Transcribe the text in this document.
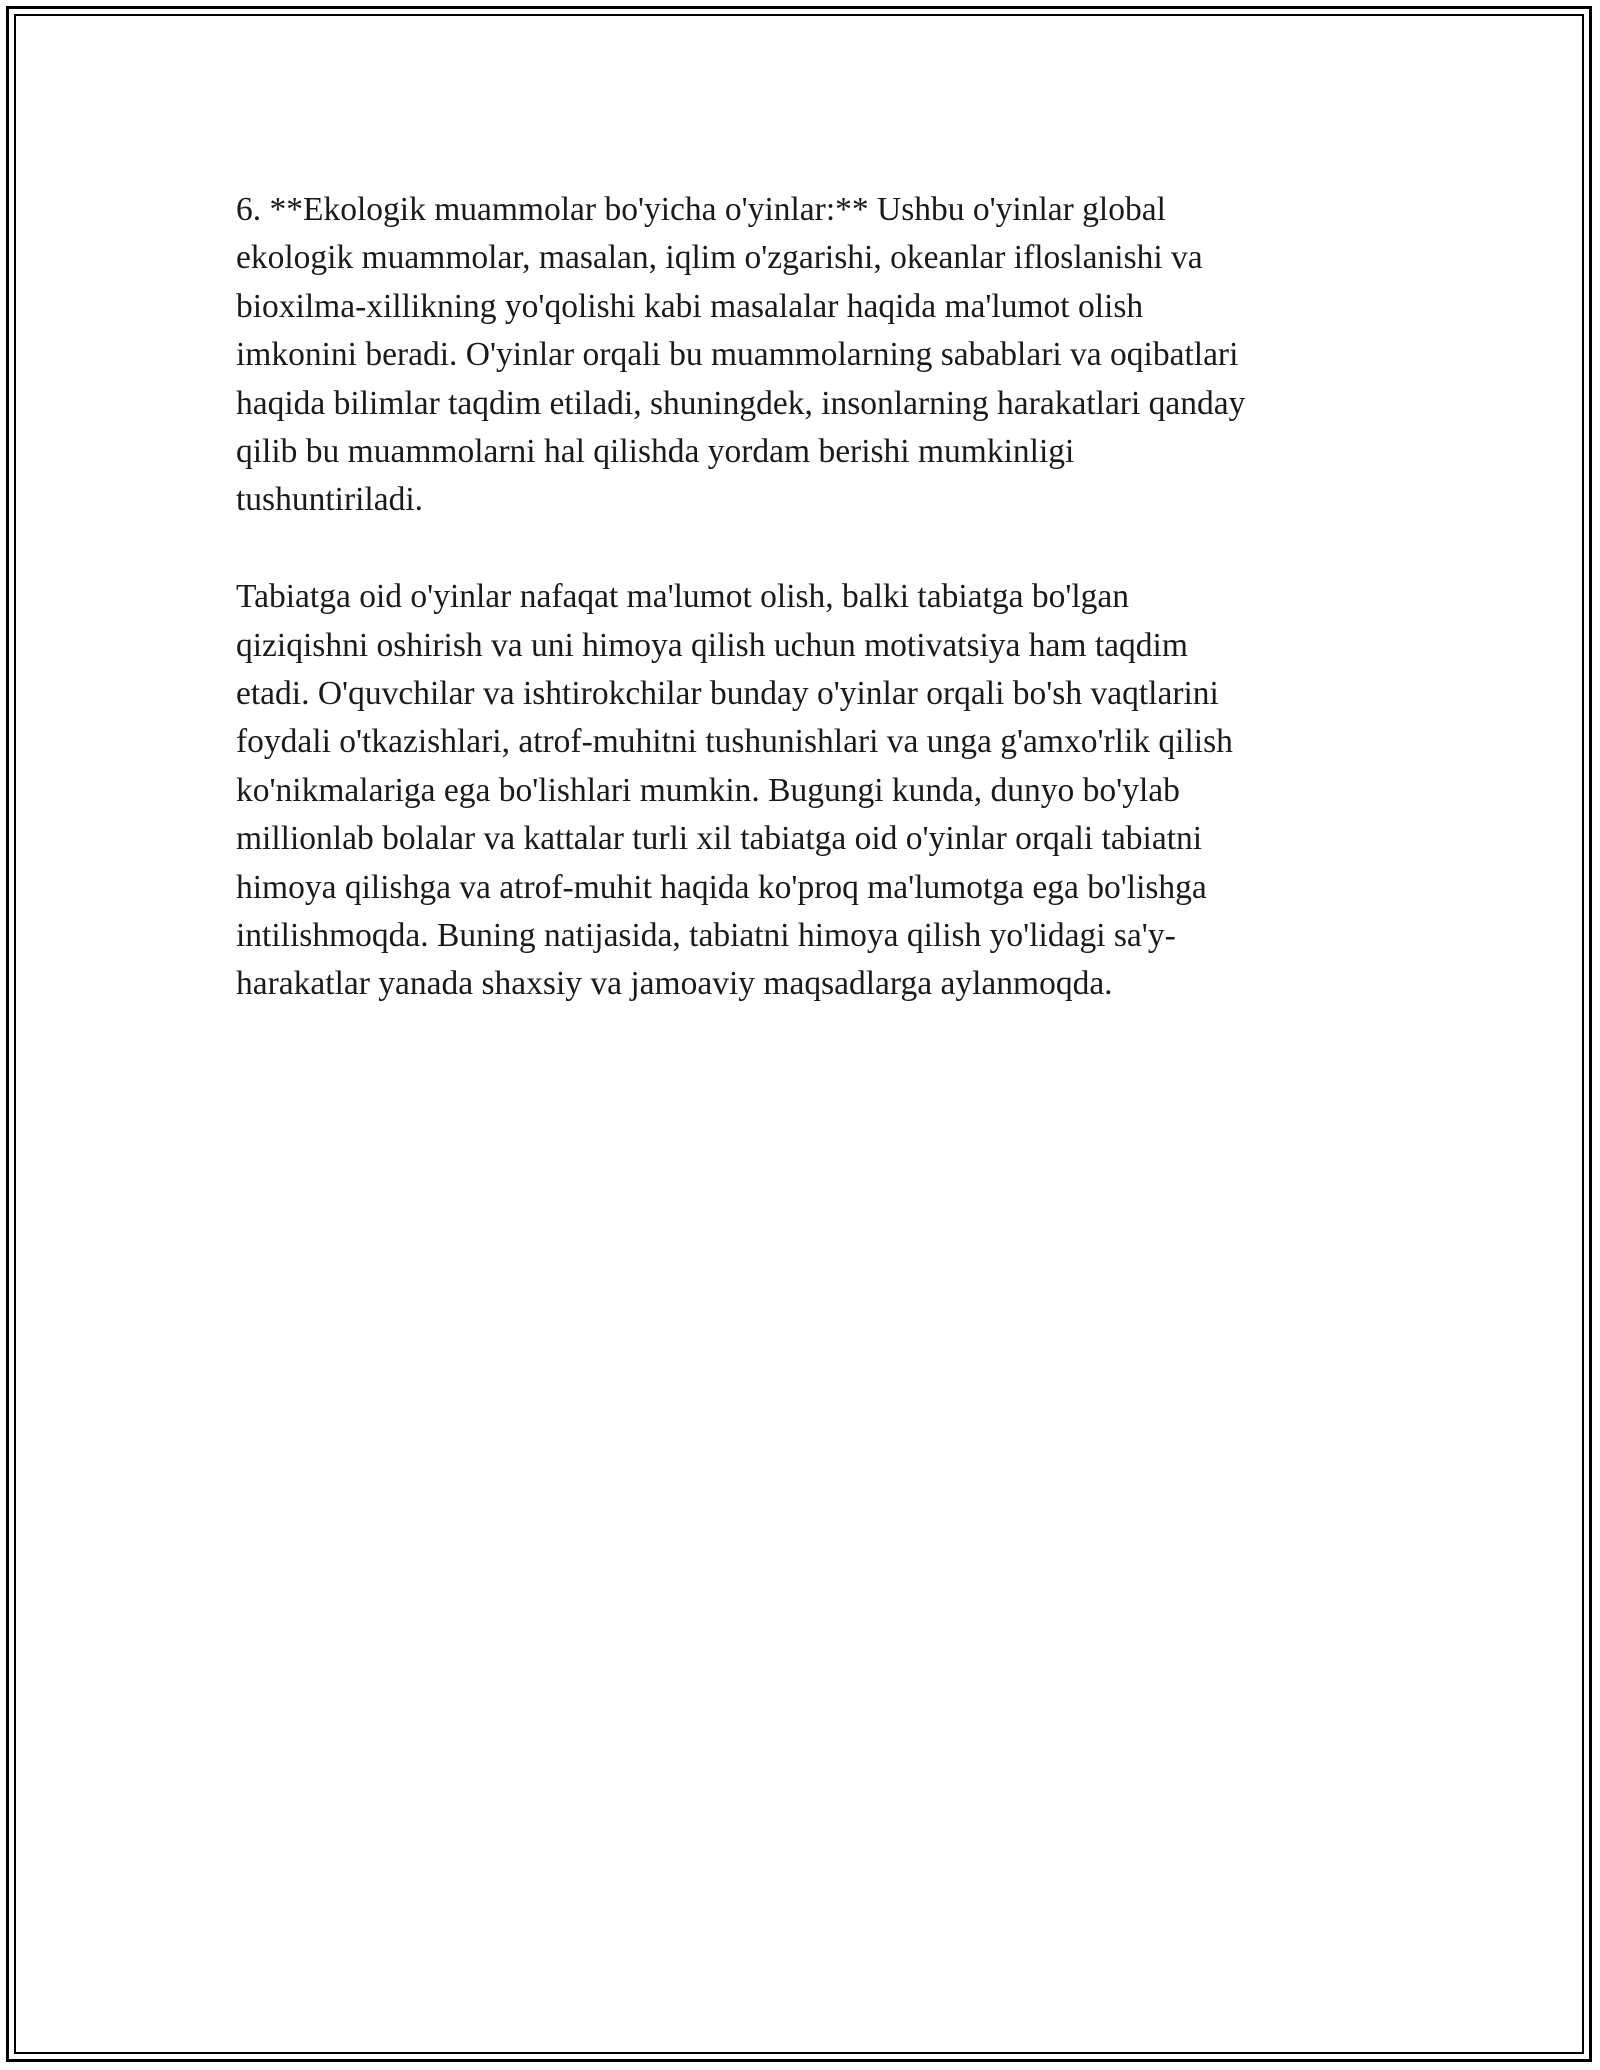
6. **Ekologik muammolar bo'yicha o'yinlar:** Ushbu o'yinlar global
ekologik muammolar, masalan, iqlim o'zgarishi, okeanlar ifloslanishi va
bioxilma-xillikning yo'qolishi kabi masalalar haqida ma'lumot olish
imkonini beradi. O'yinlar orqali bu muammolarning sabablari va oqibatlari
haqida bilimlar taqdim etiladi, shuningdek, insonlarning harakatlari qanday
qilib bu muammolarni hal qilishda yordam berishi mumkinligi
tushuntiriladi.

Tabiatga oid o'yinlar nafaqat ma'lumot olish, balki tabiatga bo'lgan
qiziqishni oshirish va uni himoya qilish uchun motivatsiya ham taqdim
etadi. O'quvchilar va ishtirokchilar bunday o'yinlar orqali bo'sh vaqtlarini
foydali o'tkazishlari, atrof-muhitni tushunishlari va unga g'amxo'rlik qilish
ko'nikmalariga ega bo'lishlari mumkin. Bugungi kunda, dunyo bo'ylab
millionlab bolalar va kattalar turli xil tabiatga oid o'yinlar orqali tabiatni
himoya qilishga va atrof-muhit haqida ko'proq ma'lumotga ega bo'lishga
intilishmoqda. Buning natijasida, tabiatni himoya qilish yo'lidagi sa'y-
harakatlar yanada shaxsiy va jamoaviy maqsadlarga aylanmoqda.
